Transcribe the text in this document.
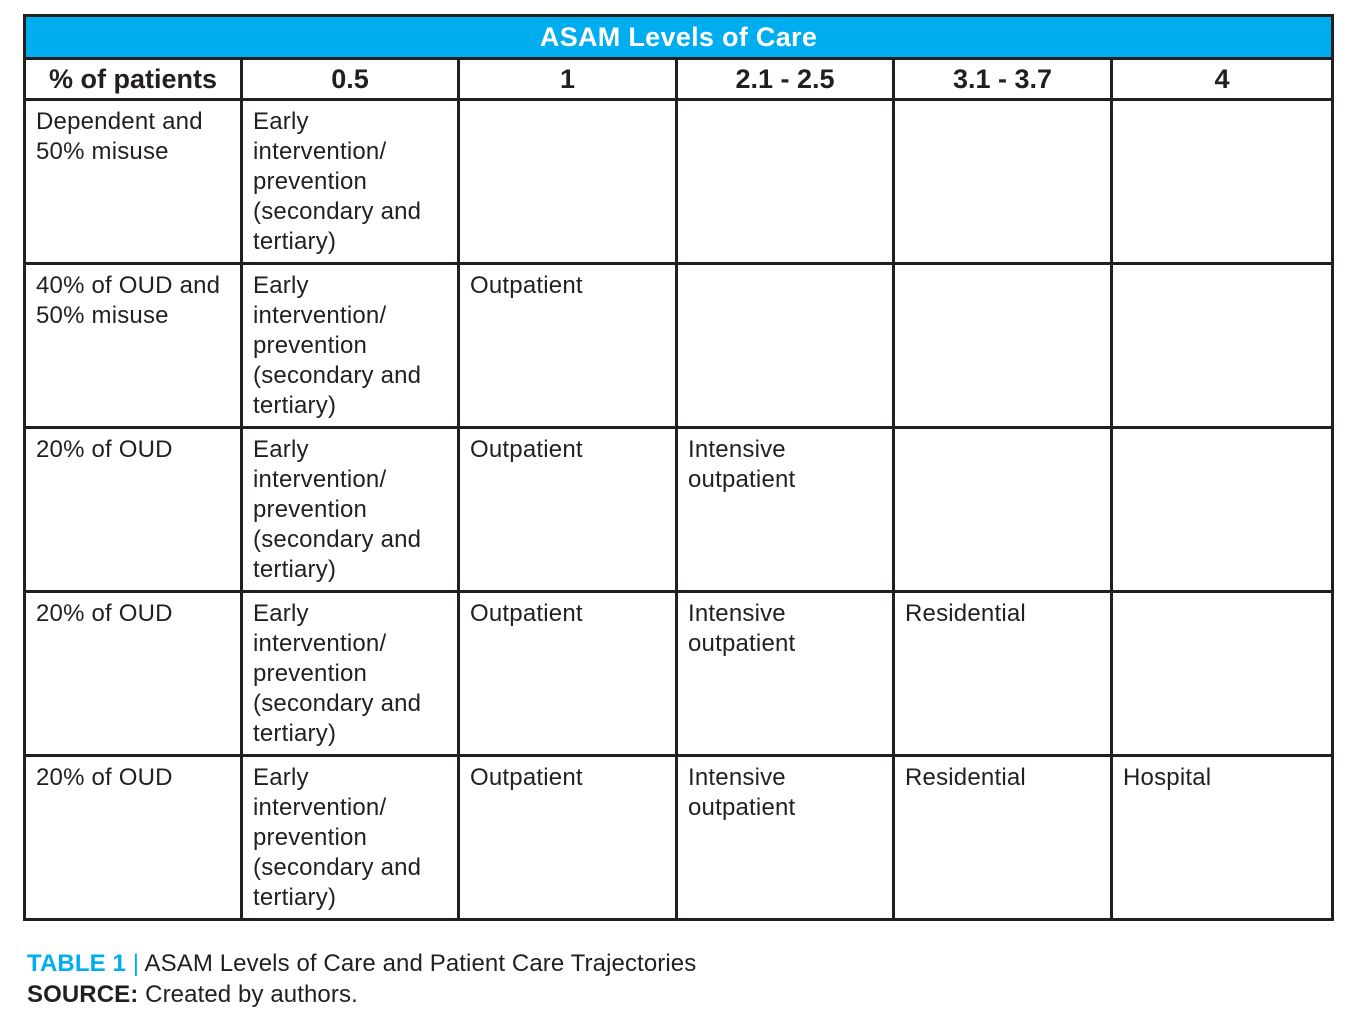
ASAM Levels of Care					
% of patients	0.5	1	2.1 - 2.5	3.1 - 3.7	4
Dependent and 50% misuse	Early intervention/ prevention (secondary and tertiary)				
40% of OUD and 50% misuse	Early intervention/ prevention (secondary and tertiary)	Outpatient			
20% of OUD	Early intervention/ prevention (secondary and tertiary)	Outpatient	Intensive outpatient		
20% of OUD	Early intervention/ prevention (secondary and tertiary)	Outpatient	Intensive outpatient	Residential	
20% of OUD	Early intervention/ prevention (secondary and tertiary)	Outpatient	Intensive outpatient	Residential	Hospital
TABLE 1 | ASAM Levels of Care and Patient Care Trajectories
SOURCE: Created by authors.
